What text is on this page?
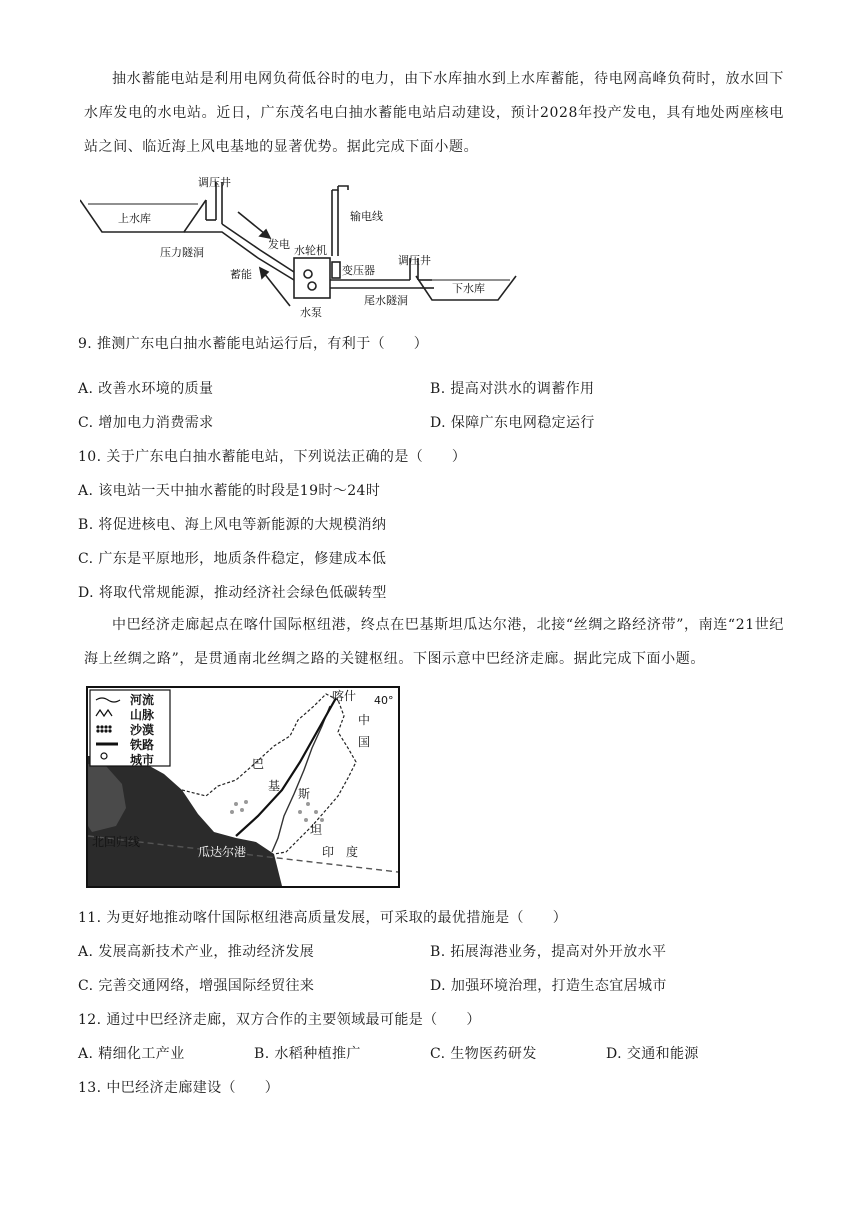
抽水蓄能电站是利用电网负荷低谷时的电力，由下水库抽水到上水库蓄能，待电网高峰负荷时，放水回下水库发电的水电站。近日，广东茂名电白抽水蓄能电站启动建设，预计2028年投产发电，具有地处两座核电站之间、临近海上风电基地的显著优势。据此完成下面小题。
上水库
调压井
压力隧洞
发电
蓄能
水轮机
水泵
输电线
变压器
调压井
尾水隧洞
下水库
9. 推测广东电白抽水蓄能电站运行后，有利于（　　）
A. 改善水环境的质量	B. 提高对洪水的调蓄作用
C. 增加电力消费需求	D. 保障广东电网稳定运行
10. 关于广东电白抽水蓄能电站，下列说法正确的是（　　）
A. 该电站一天中抽水蓄能的时段是19时～24时
B. 将促进核电、海上风电等新能源的大规模消纳
C. 广东是平原地形，地质条件稳定，修建成本低
D. 将取代常规能源，推动经济社会绿色低碳转型
中巴经济走廊起点在喀什国际枢纽港，终点在巴基斯坦瓜达尔港，北接“丝绸之路经济带”，南连“21世纪海上丝绸之路”，是贯通南北丝绸之路的关键枢纽。下图示意中巴经济走廊。据此完成下面小题。
河流
山脉
沙漠
铁路
城市
喀什 40°
中
国
巴
基
斯
坦
瓜达尔港	印　度
北回归线
11. 为更好地推动喀什国际枢纽港高质量发展，可采取的最优措施是（　　）
A. 发展高新技术产业，推动经济发展	B. 拓展海港业务，提高对外开放水平
C. 完善交通网络，增强国际经贸往来	D. 加强环境治理，打造生态宜居城市
12. 通过中巴经济走廊，双方合作的主要领域最可能是（　　）
A. 精细化工产业	B. 水稻种植推广	C. 生物医药研发	D. 交通和能源
13. 中巴经济走廊建设（　　）
